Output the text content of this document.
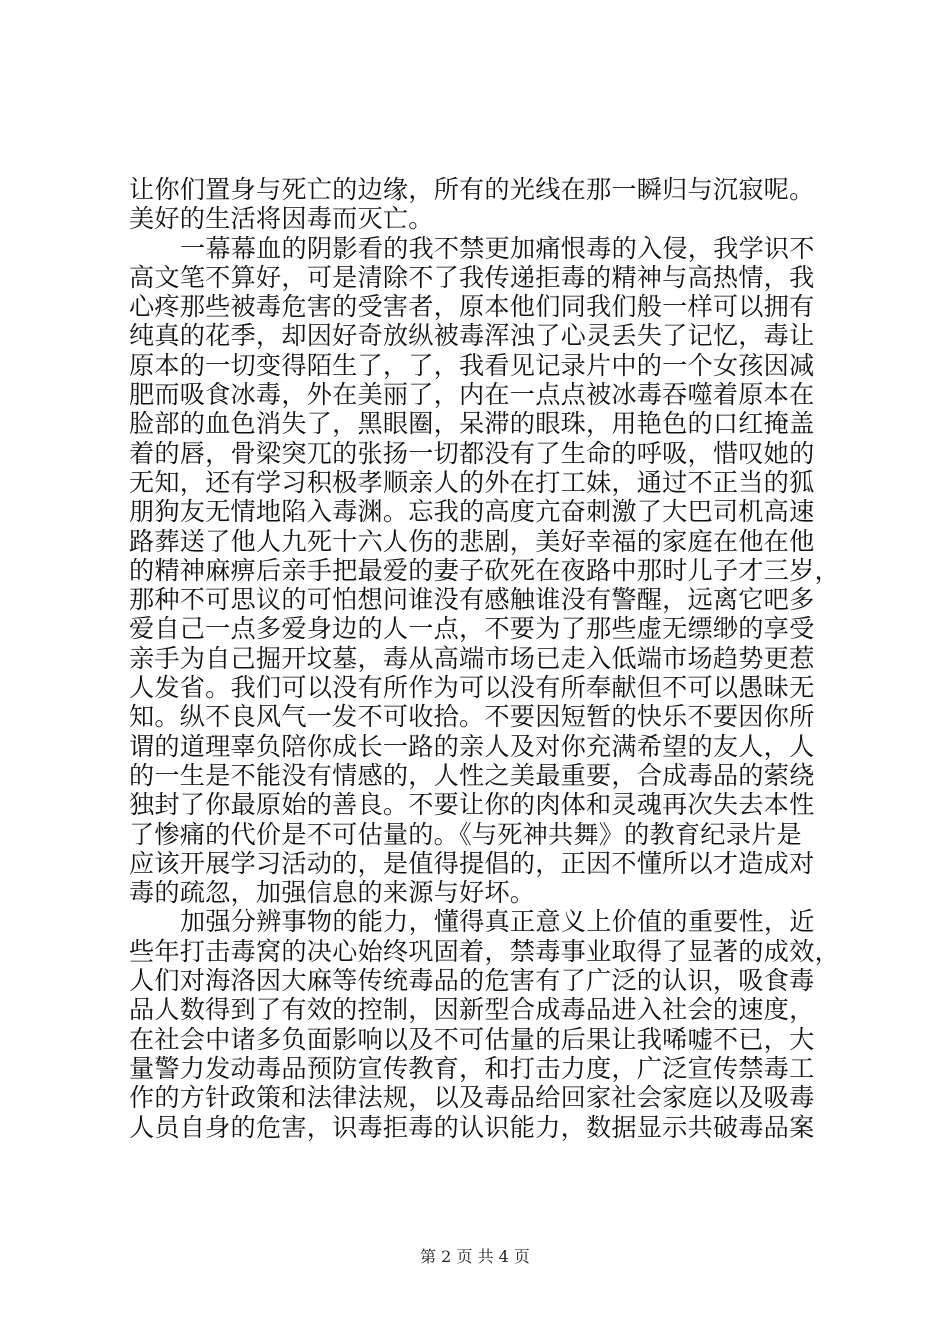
让你们置身与死亡的边缘，所有的光线在那一瞬归与沉寂呢。
美好的生活将因毒而灭亡。
一幕幕血的阴影看的我不禁更加痛恨毒的入侵，我学识不
高文笔不算好，可是清除不了我传递拒毒的精神与高热情，我
心疼那些被毒危害的受害者，原本他们同我们般一样可以拥有
纯真的花季，却因好奇放纵被毒浑浊了心灵丢失了记忆，毒让
原本的一切变得陌生了，了，我看见记录片中的一个女孩因减
肥而吸食冰毒，外在美丽了，内在一点点被冰毒吞噬着原本在
脸部的血色消失了，黑眼圈，呆滞的眼珠，用艳色的口红掩盖
着的唇，骨梁突兀的张扬一切都没有了生命的呼吸，惜叹她的
无知，还有学习积极孝顺亲人的外在打工妹，通过不正当的狐
朋狗友无情地陷入毒渊。忘我的高度亢奋刺激了大巴司机高速
路葬送了他人九死十六人伤的悲剧，美好幸福的家庭在他在他
的精神麻痹后亲手把最爱的妻子砍死在夜路中那时儿子才三岁，
那种不可思议的可怕想问谁没有感触谁没有警醒，远离它吧多
爱自己一点多爱身边的人一点，不要为了那些虚无缥缈的享受
亲手为自己掘开坟墓，毒从高端市场已走入低端市场趋势更惹
人发省。我们可以没有所作为可以没有所奉献但不可以愚昧无
知。纵不良风气一发不可收拾。不要因短暂的快乐不要因你所
谓的道理辜负陪你成长一路的亲人及对你充满希望的友人，人
的一生是不能没有情感的，人性之美最重要，合成毒品的萦绕
独封了你最原始的善良。不要让你的肉体和灵魂再次失去本性
了惨痛的代价是不可估量的。《与死神共舞》的教育纪录片是
应该开展学习活动的，是值得提倡的，正因不懂所以才造成对
毒的疏忽，加强信息的来源与好坏。
加强分辨事物的能力，懂得真正意义上价值的重要性，近
些年打击毒窝的决心始终巩固着，禁毒事业取得了显著的成效，
人们对海洛因大麻等传统毒品的危害有了广泛的认识，吸食毒
品人数得到了有效的控制，因新型合成毒品进入社会的速度，
在社会中诸多负面影响以及不可估量的后果让我唏嘘不已，大
量警力发动毒品预防宣传教育，和打击力度，广泛宣传禁毒工
作的方针政策和法律法规，以及毒品给回家社会家庭以及吸毒
人员自身的危害，识毒拒毒的认识能力，数据显示共破毒品案
第 2 页 共 4 页
